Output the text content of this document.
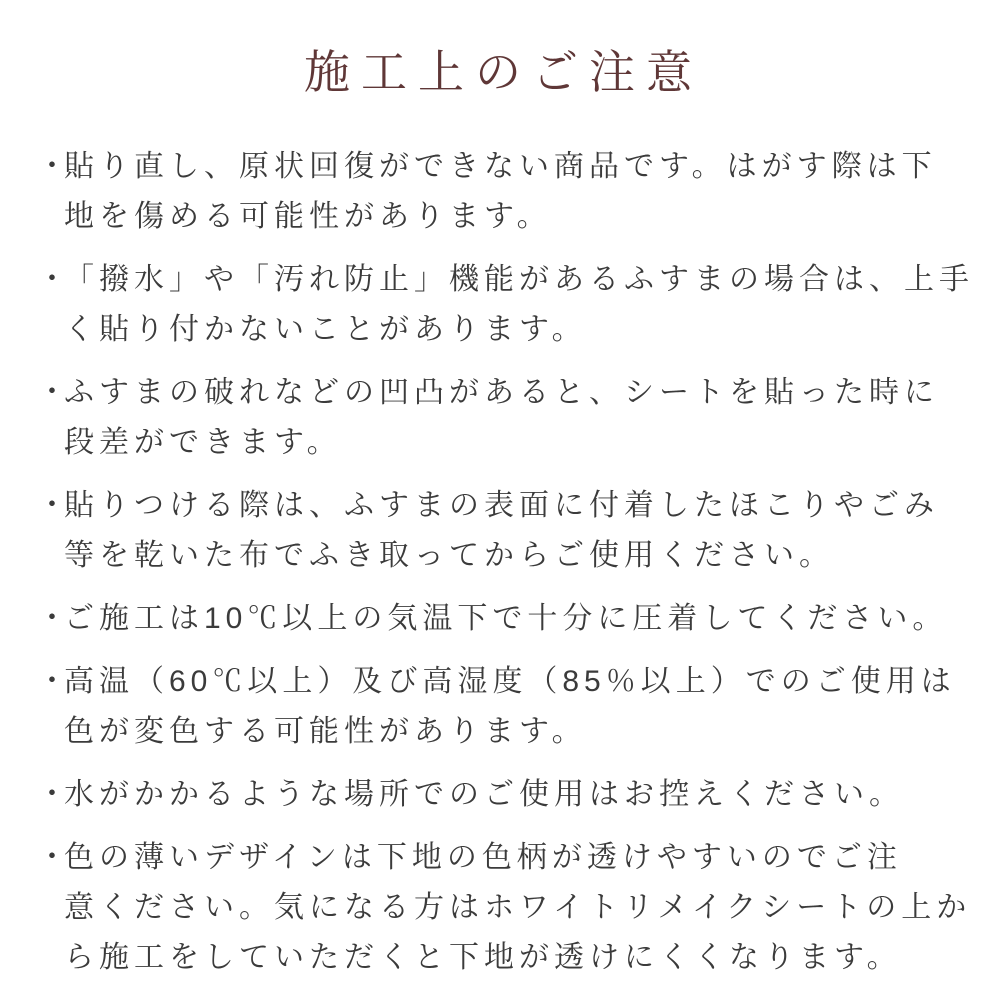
施工上のご注意
・
貼り直し、原状回復ができない商品です。はがす際は下
地を傷める可能性があります。
・
「撥水」や「汚れ防止」機能があるふすまの場合は、上手
く貼り付かないことがあります。
・
ふすまの破れなどの凹凸があると、シートを貼った時に
段差ができます。
・
貼りつける際は、ふすまの表面に付着したほこりやごみ
等を乾いた布でふき取ってからご使用ください。
・
ご施工は10℃以上の気温下で十分に圧着してください。
・
高温（60℃以上）及び高湿度（85％以上）でのご使用は
色が変色する可能性があります。
・
水がかかるような場所でのご使用はお控えください。
・
色の薄いデザインは下地の色柄が透けやすいのでご注
意ください。気になる方はホワイトリメイクシートの上か
ら施工をしていただくと下地が透けにくくなります。
